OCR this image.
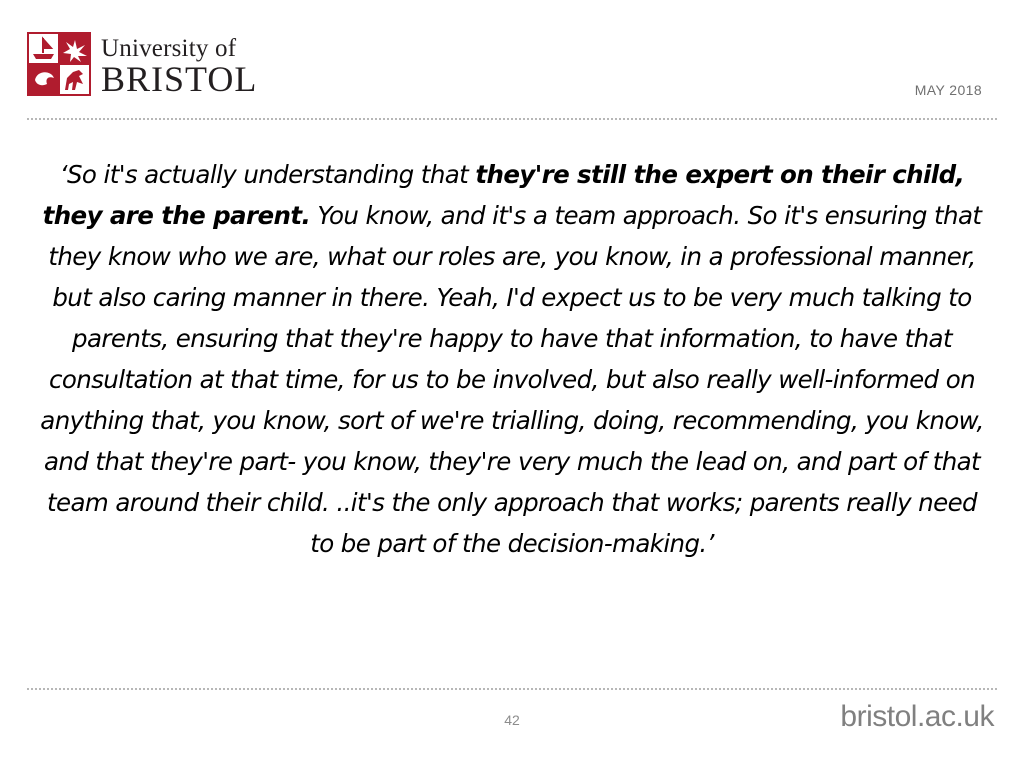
University of
BRISTOL	MAY 2018
‘So it's actually understanding that they're still the expert on their child, they are the parent. You know, and it's a team approach. So it's ensuring that they know who we are, what our roles are, you know, in a professional manner, but also caring manner in there. Yeah, I'd expect us to be very much talking to parents, ensuring that they're happy to have that information, to have that consultation at that time, for us to be involved, but also really well-informed on anything that, you know, sort of we're trialling, doing, recommending, you know, and that they're part- you know, they're very much the lead on, and part of that team around their child. ..it's the only approach that works; parents really need to be part of the decision-making.’
42	bristol.ac.uk
